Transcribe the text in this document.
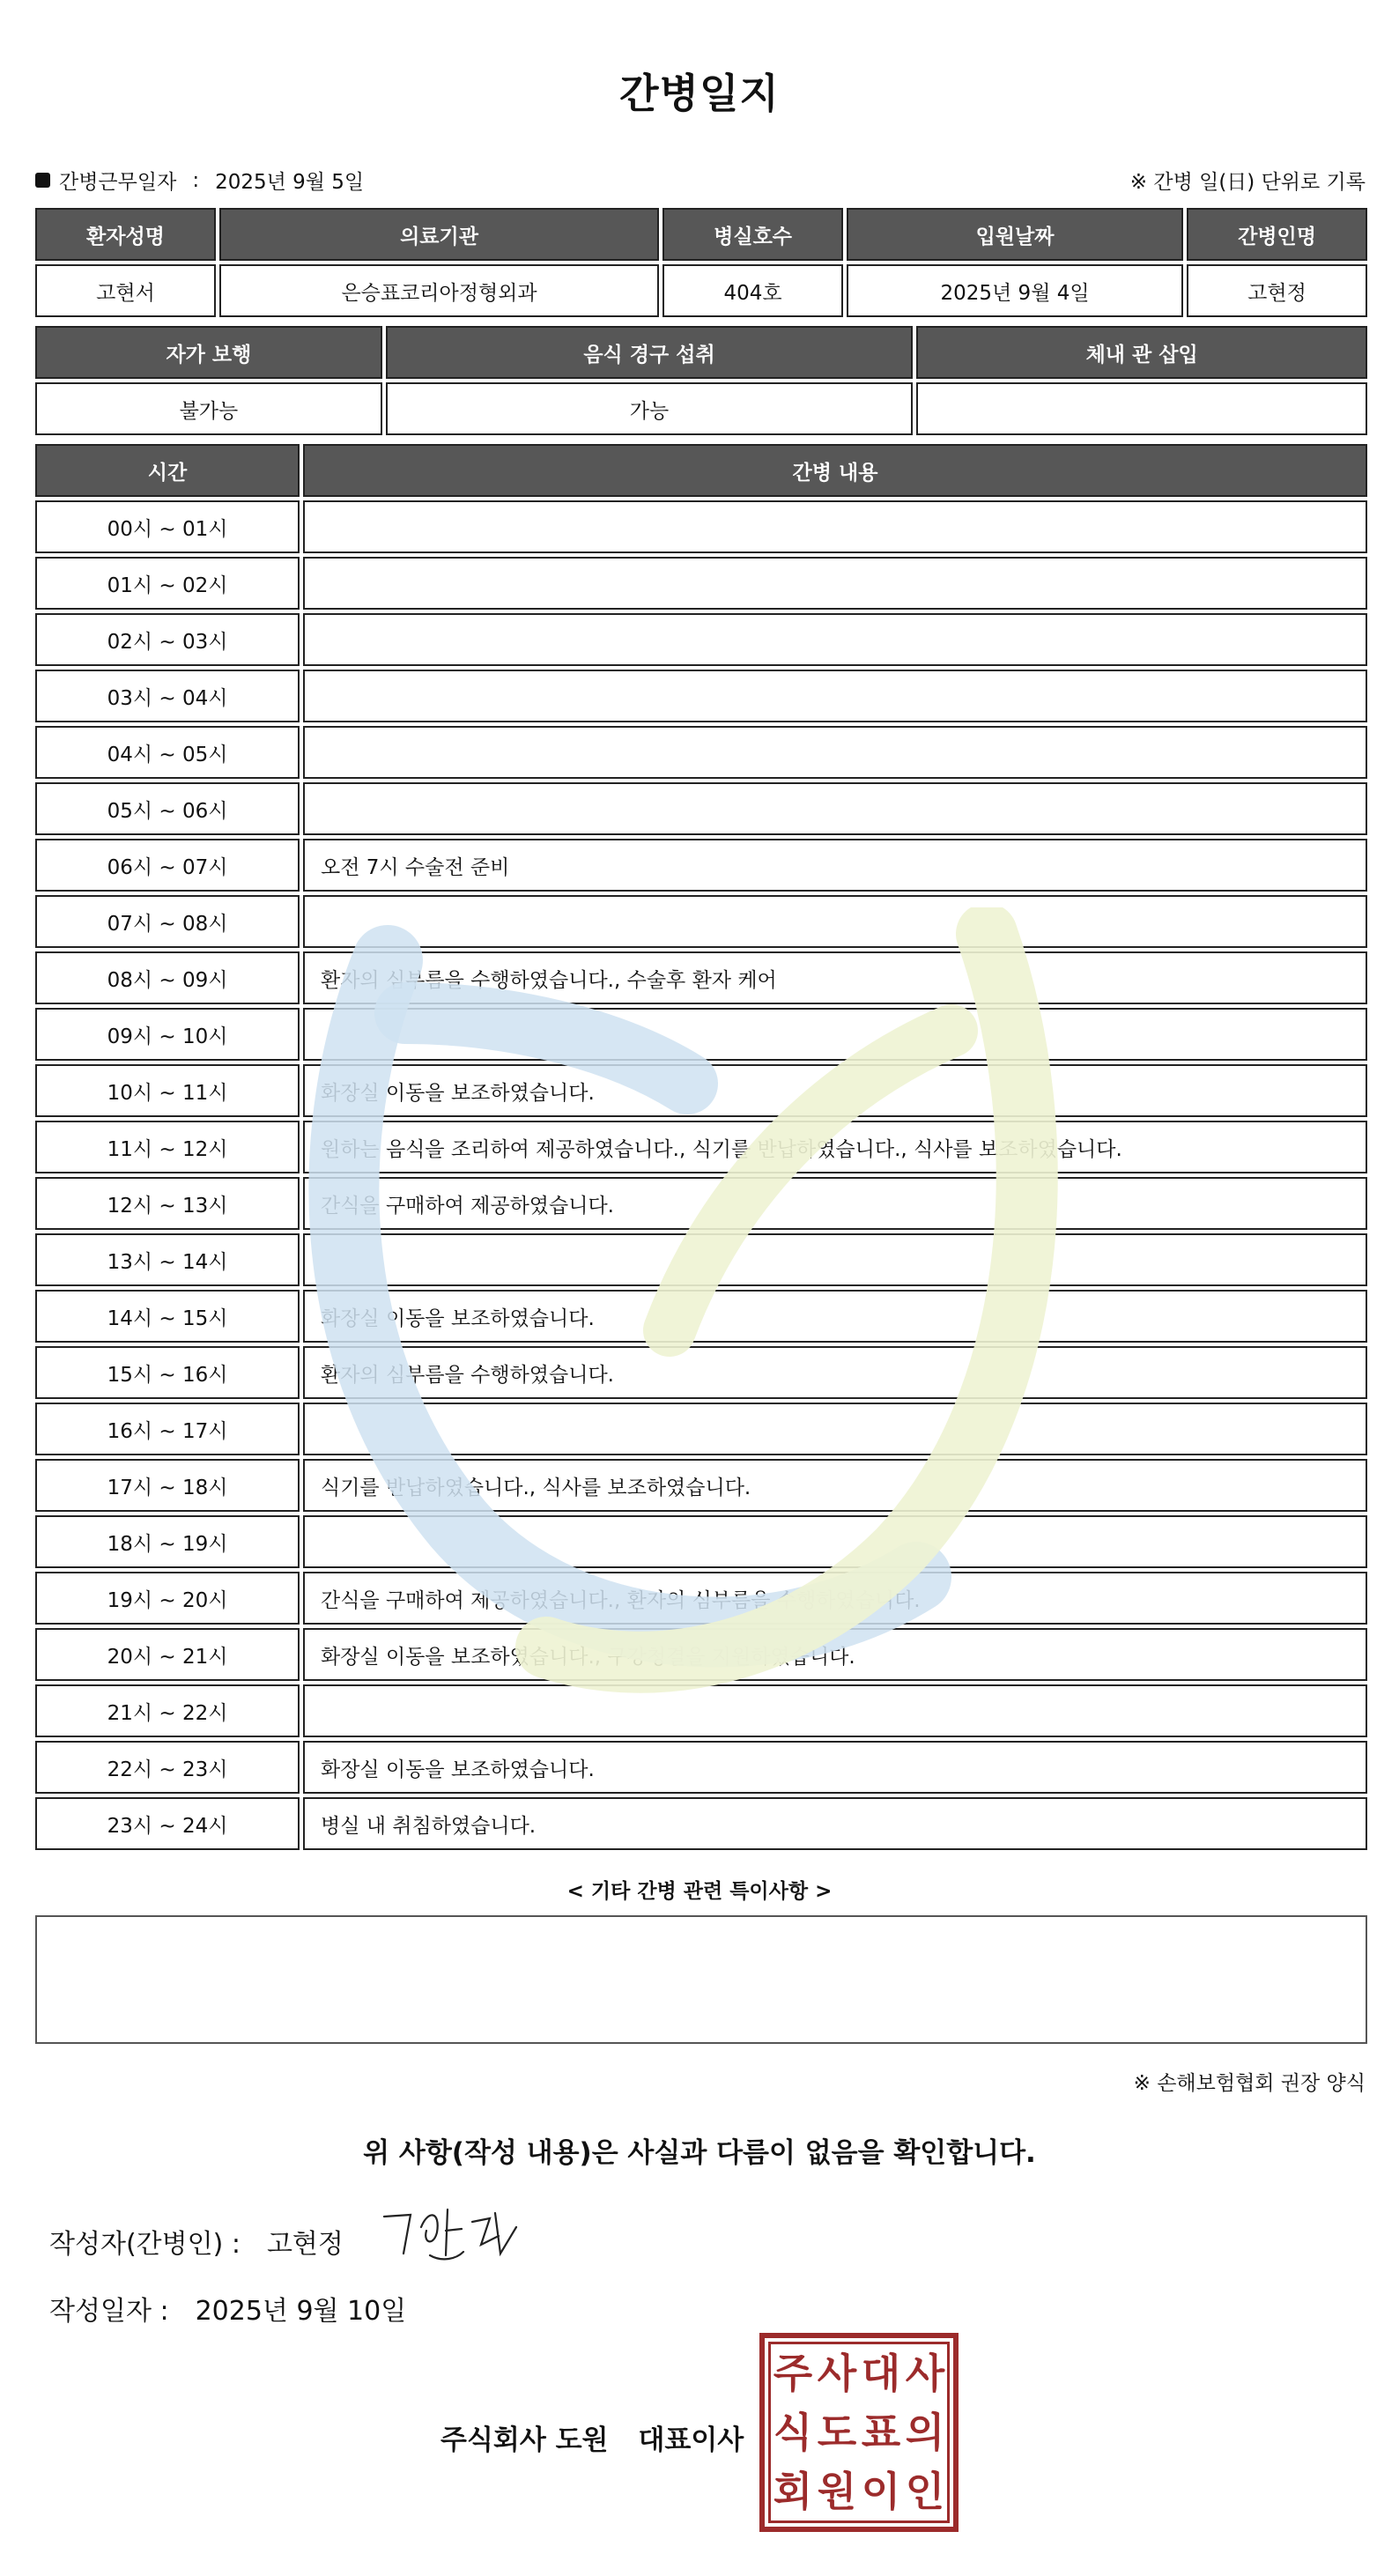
간병일지
간병근무일자 : 2025년 9월 5일	※ 간병 일(日) 단위로 기록
환자성명	의료기관	병실호수	입원날짜	간병인명
고현서	은승표코리아정형외과	404호	2025년 9월 4일	고현정
자가 보행	음식 경구 섭취	체내 관 삽입
불가능	가능	
시간	간병 내용
00시 ~ 01시	
01시 ~ 02시	
02시 ~ 03시	
03시 ~ 04시	
04시 ~ 05시	
05시 ~ 06시	
06시 ~ 07시	오전 7시 수술전 준비
07시 ~ 08시	
08시 ~ 09시	환자의 심부름을 수행하였습니다., 수술후 환자 케어
09시 ~ 10시	
10시 ~ 11시	화장실 이동을 보조하였습니다.
11시 ~ 12시	원하는 음식을 조리하여 제공하였습니다., 식기를 반납하였습니다., 식사를 보조하였습니다.
12시 ~ 13시	간식을 구매하여 제공하였습니다.
13시 ~ 14시	
14시 ~ 15시	화장실 이동을 보조하였습니다.
15시 ~ 16시	환자의 심부름을 수행하였습니다.
16시 ~ 17시	
17시 ~ 18시	식기를 반납하였습니다., 식사를 보조하였습니다.
18시 ~ 19시	
19시 ~ 20시	간식을 구매하여 제공하였습니다., 환자의 심부름을 수행하였습니다.
20시 ~ 21시	화장실 이동을 보조하였습니다., 구강청결을 지원하였습니다.
21시 ~ 22시	
22시 ~ 23시	화장실 이동을 보조하였습니다.
23시 ~ 24시	병실 내 취침하였습니다.
< 기타 간병 관련 특이사항 >
※ 손해보험협회 권장 양식
위 사항(작성 내용)은 사실과 다름이 없음을 확인합니다.
작성자(간병인) : 고현정
작성일자 : 2025년 9월 10일
주식회사 도원 대표이사
주 사 대 사
식 도 표 의
회 원 이 인
